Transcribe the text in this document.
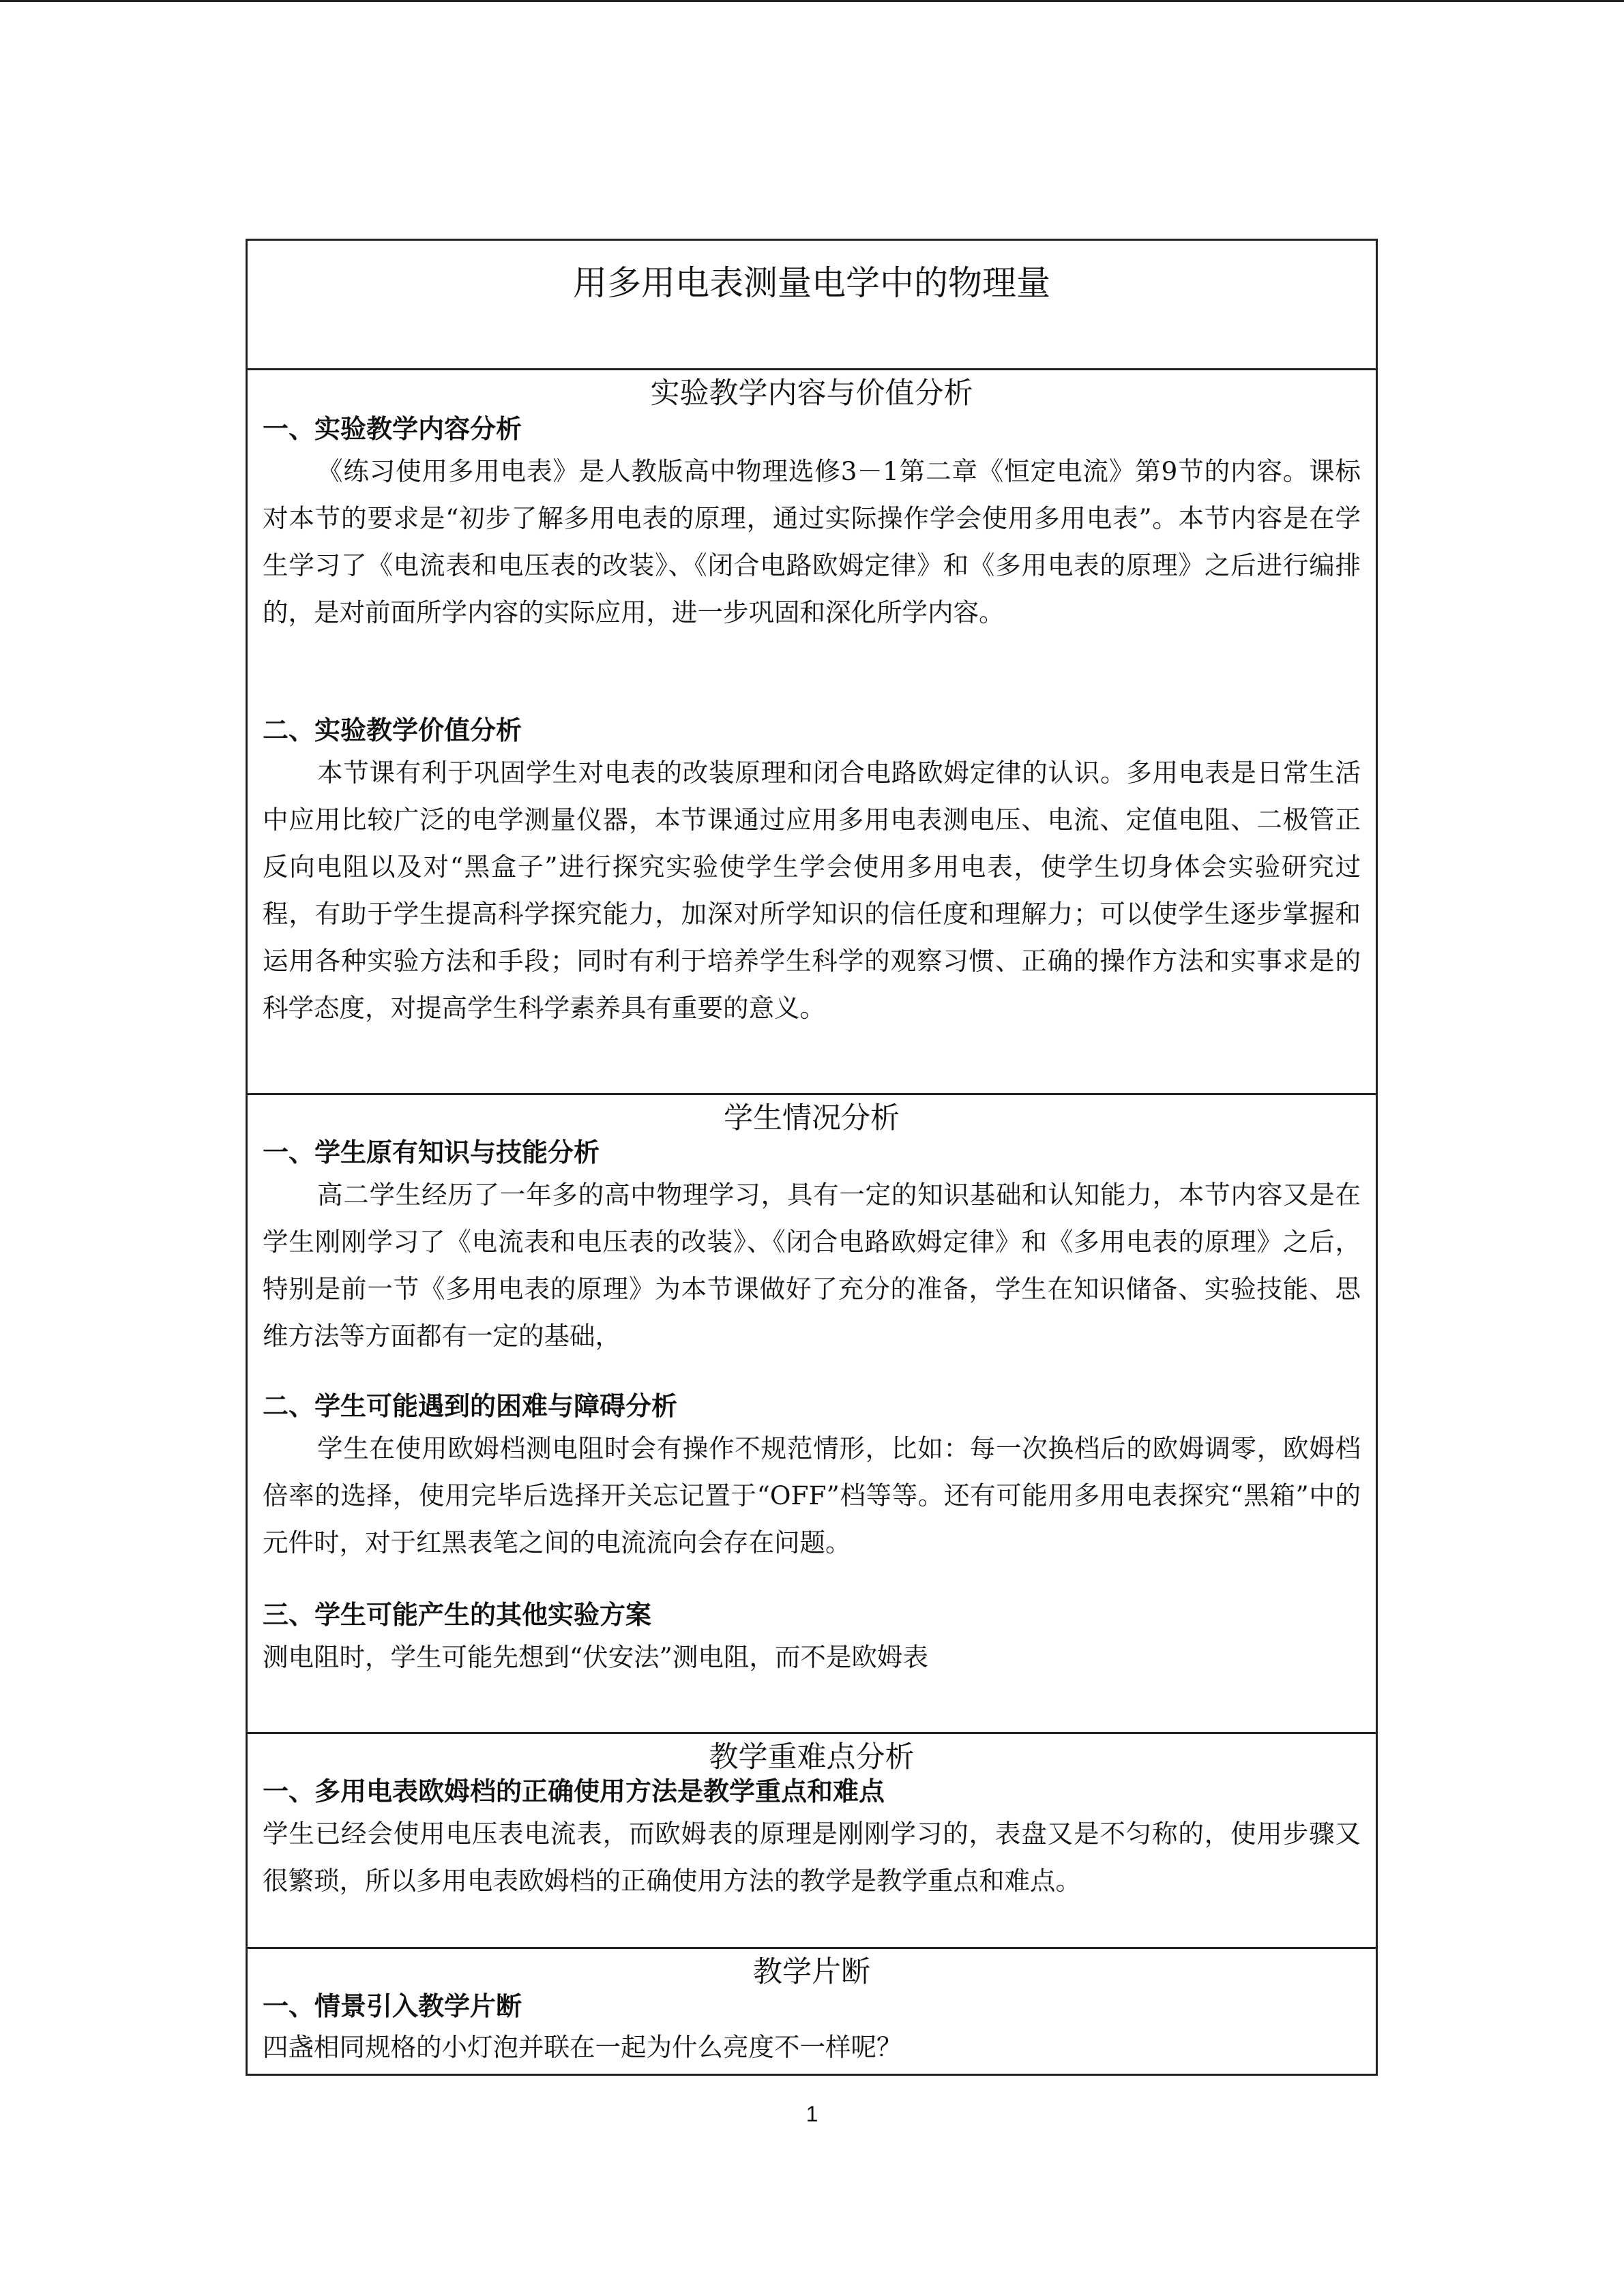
用多用电表测量电学中的物理量
实验教学内容与价值分析
一、实验教学内容分析
《练习使用多用电表》是人教版高中物理选修3－1第二章《恒定电流》第9节的内容。课标对本节的要求是“初步了解多用电表的原理，通过实际操作学会使用多用电表”。本节内容是在学生学习了《电流表和电压表的改装》、《闭合电路欧姆定律》和《多用电表的原理》之后进行编排的，是对前面所学内容的实际应用，进一步巩固和深化所学内容。
二、实验教学价值分析
本节课有利于巩固学生对电表的改装原理和闭合电路欧姆定律的认识。多用电表是日常生活中应用比较广泛的电学测量仪器，本节课通过应用多用电表测电压、电流、定值电阻、二极管正反向电阻以及对“黑盒子”进行探究实验使学生学会使用多用电表，使学生切身体会实验研究过程，有助于学生提高科学探究能力，加深对所学知识的信任度和理解力；可以使学生逐步掌握和运用各种实验方法和手段；同时有利于培养学生科学的观察习惯、正确的操作方法和实事求是的科学态度，对提高学生科学素养具有重要的意义。
学生情况分析
一、学生原有知识与技能分析
高二学生经历了一年多的高中物理学习，具有一定的知识基础和认知能力，本节内容又是在学生刚刚学习了《电流表和电压表的改装》、《闭合电路欧姆定律》和《多用电表的原理》之后，特别是前一节《多用电表的原理》为本节课做好了充分的准备，学生在知识储备、实验技能、思维方法等方面都有一定的基础，
二、学生可能遇到的困难与障碍分析
学生在使用欧姆档测电阻时会有操作不规范情形，比如：每一次换档后的欧姆调零，欧姆档倍率的选择，使用完毕后选择开关忘记置于“OFF”档等等。还有可能用多用电表探究“黑箱”中的元件时，对于红黑表笔之间的电流流向会存在问题。
三、学生可能产生的其他实验方案
测电阻时，学生可能先想到“伏安法”测电阻，而不是欧姆表
教学重难点分析
一、多用电表欧姆档的正确使用方法是教学重点和难点
学生已经会使用电压表电流表，而欧姆表的原理是刚刚学习的，表盘又是不匀称的，使用步骤又很繁琐，所以多用电表欧姆档的正确使用方法的教学是教学重点和难点。
教学片断
一、情景引入教学片断
四盏相同规格的小灯泡并联在一起为什么亮度不一样呢？
1
